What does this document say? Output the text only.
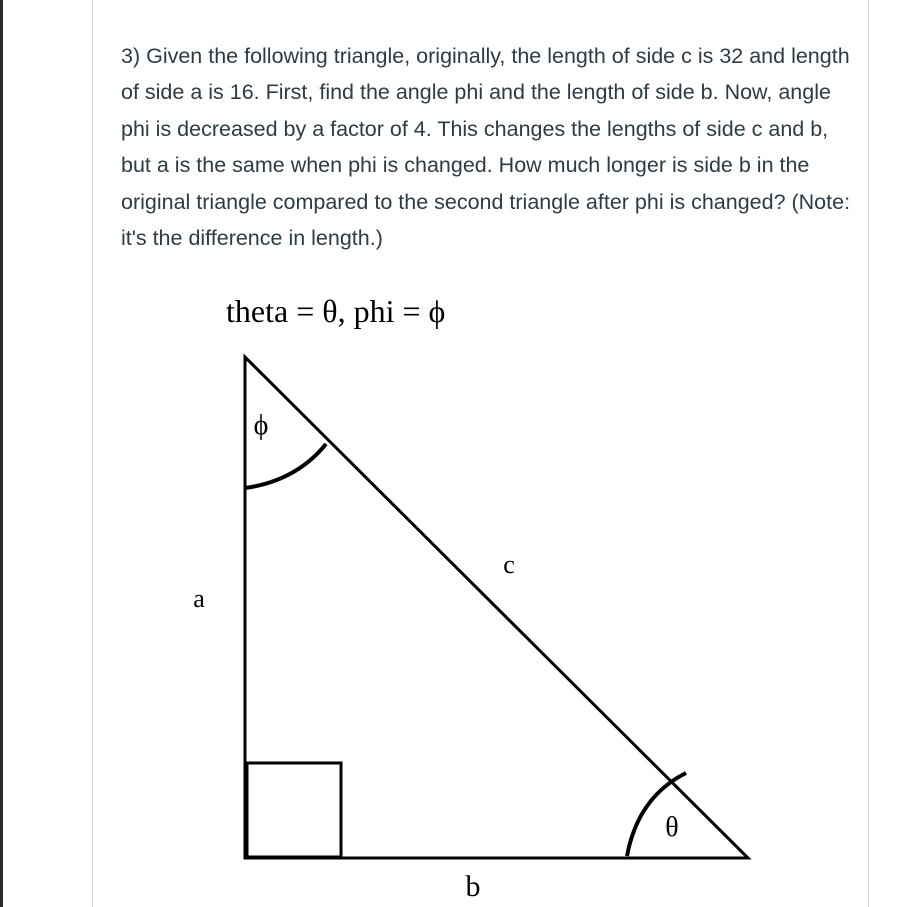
3) Given the following triangle, originally, the length of side c is 32 and length of side a is 16. First, find the angle phi and the length of side b. Now, angle phi is decreased by a factor of 4. This changes the lengths of side c and b, but a is the same when phi is changed. How much longer is side b in the original triangle compared to the second triangle after phi is changed? (Note: it's the difference in length.)

theta = θ, phi = ϕ
ϕ
θ
a
c
b
